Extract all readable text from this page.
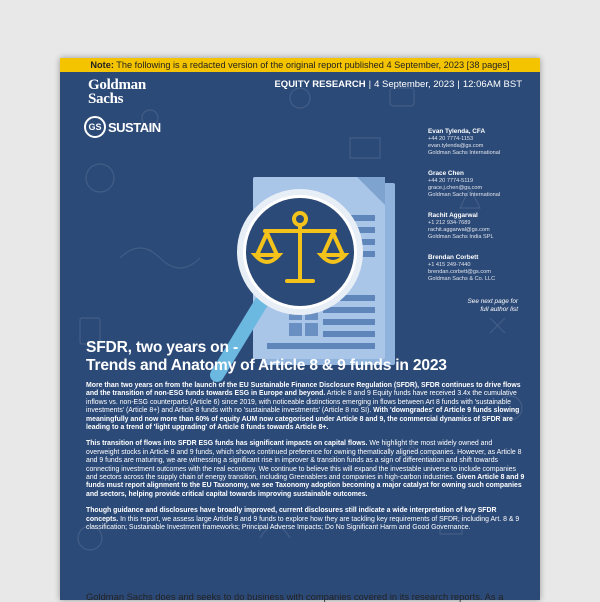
Goldman
Sachs
GS SUSTAIN
EQUITY RESEARCH | 4 September, 2023 | 12:06AM BST
Evan Tylenda, CFA
+44 20 7774-1153
evan.tylenda@gs.com
Goldman Sachs International
Grace Chen
+44 20 7774-5119
grace.j.chen@gs.com
Goldman Sachs International
Rachit Aggarwal
+1 212 934-7689
rachit.aggarwal@gs.com
Goldman Sachs India SPL
Brendan Corbett
+1 415 249-7440
brendan.corbett@gs.com
Goldman Sachs & Co. LLC
See next page for
full author list
SFDR, two years on -
Trends and Anatomy of Article 8 & 9 funds in 2023

More than two years on from the launch of the EU Sustainable Finance Disclosure Regulation (SFDR), SFDR continues to drive flows and the transition of non-ESG funds towards ESG in Europe and beyond. Article 8 and 9 Equity funds have received 3.4x the cumulative inflows vs. non-ESG counterparts (Article 6) since 2019, with noticeable distinctions emerging in flows between Art 8 funds with 'sustainable investments' (Article 8+) and Article 8 funds with no 'sustainable investments' (Article 8 no SI). With 'downgrades' of Article 9 funds slowing meaningfully and now more than 60% of equity AUM now categorised under Article 8 and 9, the commercial dynamics of SFDR are leading to a trend of 'light upgrading' of Article 8 funds towards Article 8+.

This transition of flows into SFDR ESG funds has significant impacts on capital flows. We highlight the most widely owned and overweight stocks in Article 8 and 9 funds, which shows continued preference for owning thematically aligned companies. However, as Article 8 and 9 funds are maturing, we are witnessing a significant rise in improver & transition funds as a sign of differentiation and shift towards connecting investment outcomes with the real economy. We continue to believe this will expand the investable universe to include companies and sectors across the supply chain of energy transition, including Greenablers and companies in high-carbon industries. Given Article 8 and 9 funds must report alignment to the EU Taxonomy, we see Taxonomy adoption becoming a major catalyst for owning such companies and sectors, helping provide critical capital towards improving sustainable outcomes.

Though guidance and disclosures have broadly improved, current disclosures still indicate a wide interpretation of key SFDR concepts. In this report, we assess large Article 8 and 9 funds to explore how they are tackling key requirements of SFDR, including Art. 8 & 9 classification; Sustainable Investment frameworks; Principal Adverse Impacts; Do No Significant Harm and Good Governance.

Note: The following is a redacted version of the original report published 4 September, 2023 [38 pages]
Goldman Sachs does and seeks to do business with companies covered in its research reports. As a
